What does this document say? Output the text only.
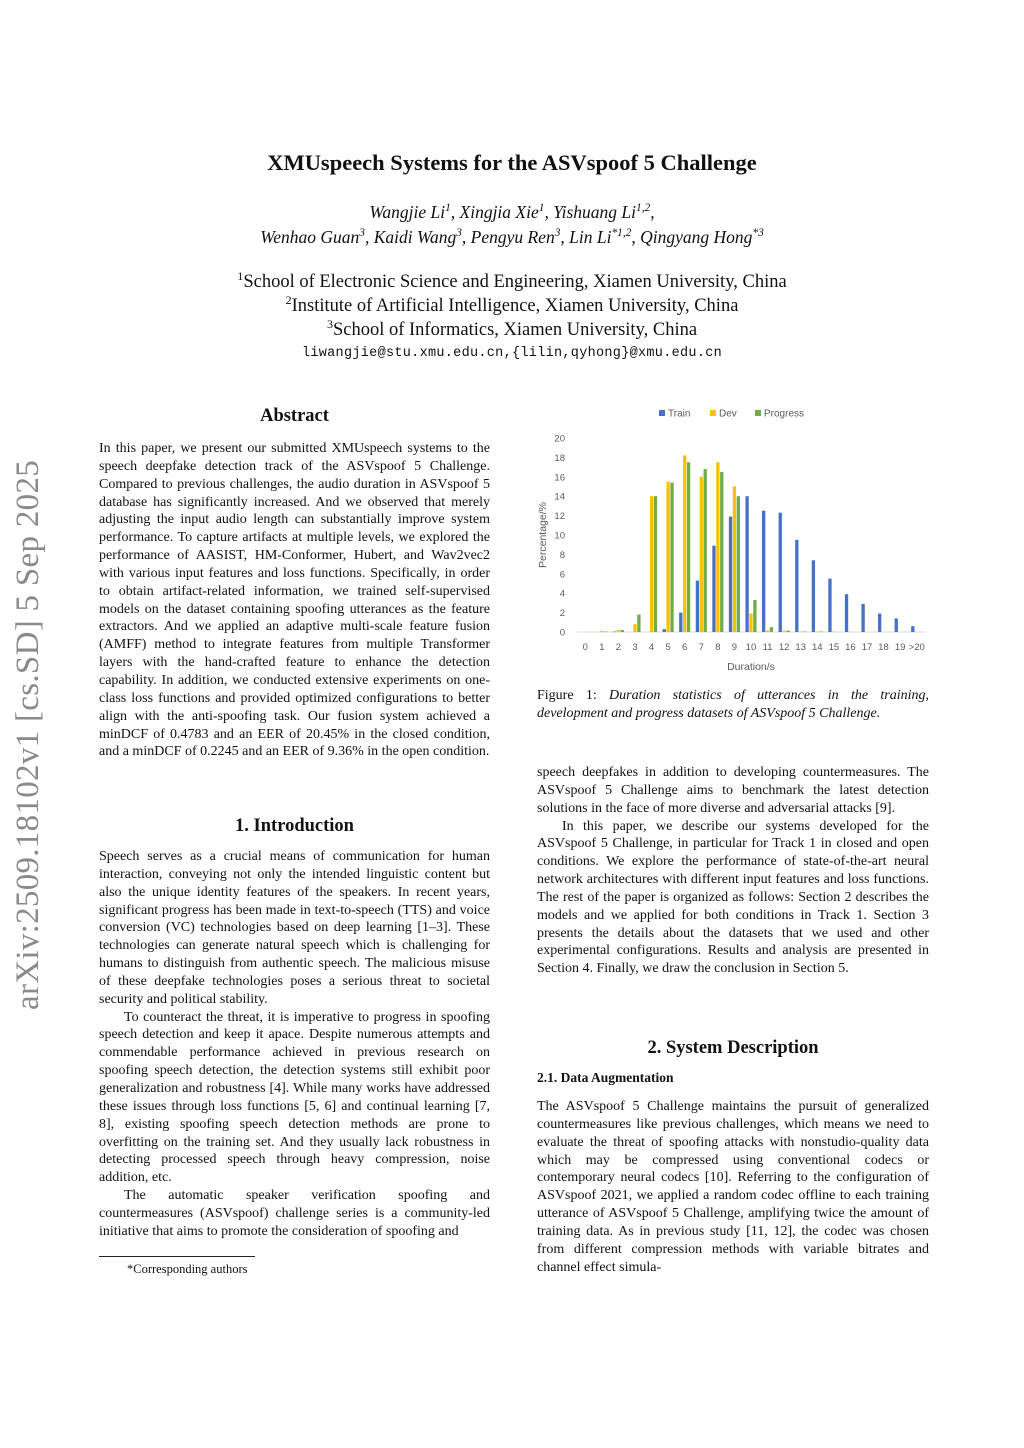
arXiv:2509.18102v1 [cs.SD] 5 Sep 2025
XMUspeech Systems for the ASVspoof 5 Challenge
Wangjie Li$^1$, Xingjia Xie$^1$, Yishuang Li$^{1,2}$,
Wenhao Guan$^3$, Kaidi Wang$^3$, Pengyu Ren$^3$, Lin Li$^{*1,2}$, Qingyang Hong$^{*3}$
$^1$School of Electronic Science and Engineering, Xiamen University, China
$^2$Institute of Artificial Intelligence, Xiamen University, China
$^3$School of Informatics, Xiamen University, China
liwangjie@stu.xmu.edu.cn,{lilin,qyhong}@xmu.edu.cn
Abstract

In this paper, we present our submitted XMUspeech systems to the speech deepfake detection track of the ASVspoof 5 Challenge. Compared to previous challenges, the audio duration in ASVspoof 5 database has significantly increased. And we observed that merely adjusting the input audio length can substantially improve system performance. To capture artifacts at multiple levels, we explored the performance of AASIST, HM-Conformer, Hubert, and Wav2vec2 with various input features and loss functions. Specifically, in order to obtain artifact-related information, we trained self-supervised models on the dataset containing spoofing utterances as the feature extractors. And we applied an adaptive multi-scale feature fusion (AMFF) method to integrate features from multiple Transformer layers with the hand-crafted feature to enhance the detection capability. In addition, we conducted extensive experiments on one-class loss functions and provided optimized configurations to better align with the anti-spoofing task. Our fusion system achieved a minDCF of 0.4783 and an EER of 20.45% in the closed condition, and a minDCF of 0.2245 and an EER of 9.36% in the open condition.

1. Introduction

Speech serves as a crucial means of communication for human interaction, conveying not only the intended linguistic content but also the unique identity features of the speakers. In recent years, significant progress has been made in text-to-speech (TTS) and voice conversion (VC) technologies based on deep learning [1–3]. These technologies can generate natural speech which is challenging for humans to distinguish from authentic speech. The malicious misuse of these deepfake technologies poses a serious threat to societal security and political stability.

To counteract the threat, it is imperative to progress in spoofing speech detection and keep it apace. Despite numerous attempts and commendable performance achieved in previous research on spoofing speech detection, the detection systems still exhibit poor generalization and robustness [4]. While many works have addressed these issues through loss functions [5, 6] and continual learning [7, 8], existing spoofing speech detection methods are prone to overfitting on the training set. And they usually lack robustness in detecting processed speech through heavy compression, noise addition, etc.

The automatic speaker verification spoofing and countermeasures (ASVspoof) challenge series is a community-led initiative that aims to promote the consideration of spoofing and

*Corresponding authors
0
2
4
6
8
10
12
14
16
18
20
0 1 2 3 4 5 6 7 8 9 10 11 12 13 14 15 16 17 18 19 >20
Duration/s
Percentage/%
Train	Dev	Progress
Figure 1: Duration statistics of utterances in the training, development and progress datasets of ASVspoof 5 Challenge.

speech deepfakes in addition to developing countermeasures. The ASVspoof 5 Challenge aims to benchmark the latest detection solutions in the face of more diverse and adversarial attacks [9].

In this paper, we describe our systems developed for the ASVspoof 5 Challenge, in particular for Track 1 in closed and open conditions. We explore the performance of state-of-the-art neural network architectures with different input features and loss functions. The rest of the paper is organized as follows: Section 2 describes the models and we applied for both conditions in Track 1. Section 3 presents the details about the datasets that we used and other experimental configurations. Results and analysis are presented in Section 4. Finally, we draw the conclusion in Section 5.

2. System Description
2.1. Data Augmentation

The ASVspoof 5 Challenge maintains the pursuit of generalized countermeasures like previous challenges, which means we need to evaluate the threat of spoofing attacks with nonstudio-quality data which may be compressed using conventional codecs or contemporary neural codecs [10]. Referring to the configuration of ASVspoof 2021, we applied a random codec offline to each training utterance of ASVspoof 5 Challenge, amplifying twice the amount of training data. As in previous study [11, 12], the codec was chosen from different compression methods with variable bitrates and channel effect simula-
